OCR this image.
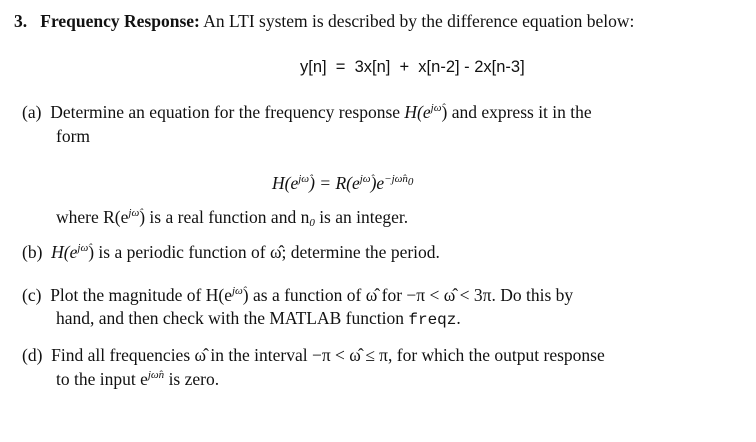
3. Frequency Response: An LTI system is described by the difference equation below:
y[n]  =  3x[n]  +  x[n-2] - 2x[n-3]
(a) Determine an equation for the frequency response $H(e^{j\omegâ})$ and express it in the
form
$H(e^{j\omegâ}) = R(e^{j\omegâ})e^{-j\omegân0}$
where $R(e^{j\omegâ})$ is a real function and $n_0$ is an integer.
(b) $H(e^{j\omegâ})$ is a periodic function of ω̂; determine the period.
(c) Plot the magnitude of $H(e^{j\omegâ})$ as a function of ω̂ for −π < ω̂ < 3π. Do this by
hand, and then check with the MATLAB function freqz.
(d) Find all frequencies ω̂ in the interval −π < ω̂ ≤ π, for which the output response
to the input $e^{j\omegân}$ is zero.
